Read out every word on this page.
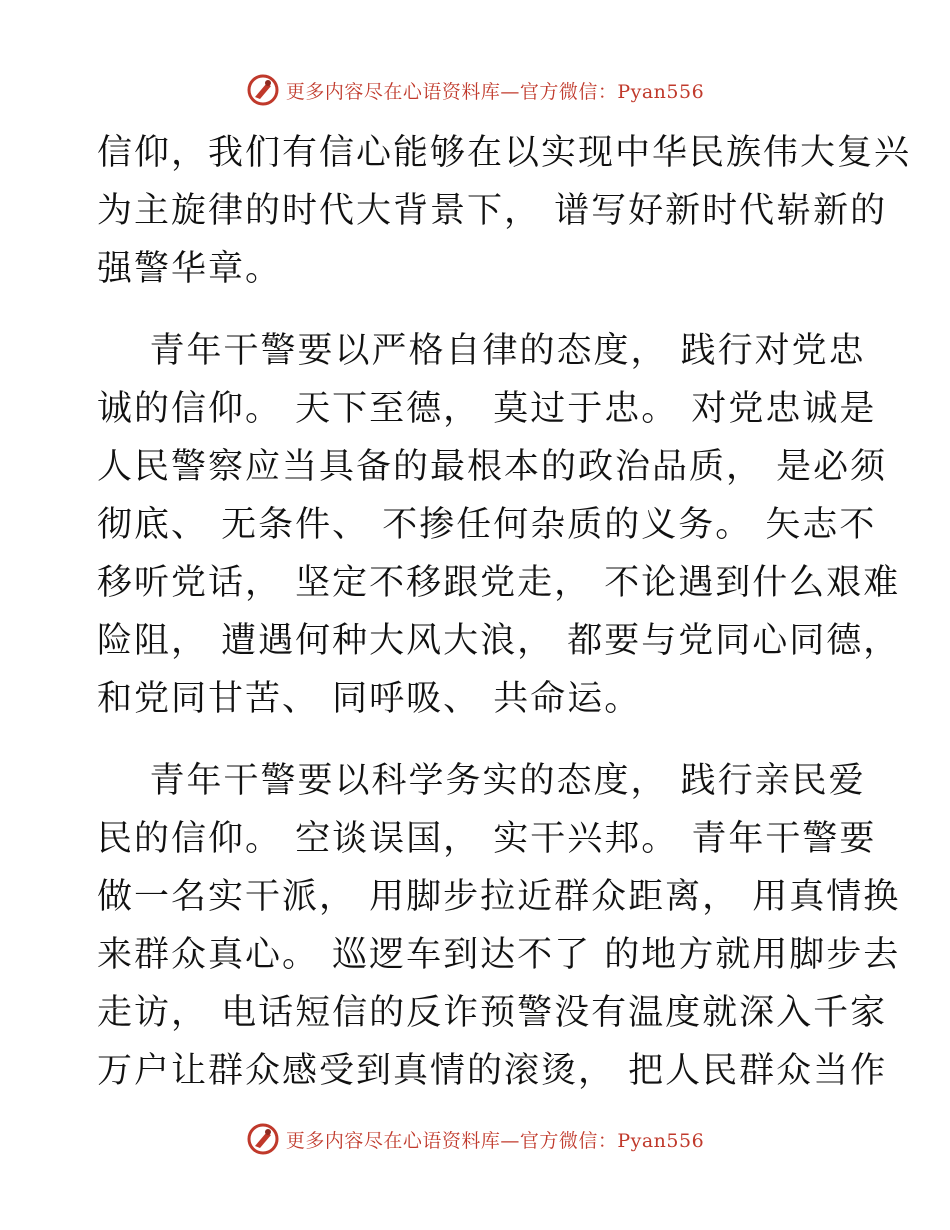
更多内容尽在心语资料库—官方微信：Pyan556
信仰，我们有信心能够在以实现中华民族伟大复兴
为主旋律的时代大背景下， 谱写好新时代崭新的
强警华章。
青年干警要以严格自律的态度， 践行对党忠
诚的信仰。 天下至德， 莫过于忠。 对党忠诚是
人民警察应当具备的最根本的政治品质， 是必须
彻底、 无条件、 不掺任何杂质的义务。 矢志不
移听党话， 坚定不移跟党走， 不论遇到什么艰难
险阻， 遭遇何种大风大浪， 都要与党同心同德，
和党同甘苦、 同呼吸、 共命运。
青年干警要以科学务实的态度， 践行亲民爱
民的信仰。 空谈误国， 实干兴邦。 青年干警要
做一名实干派， 用脚步拉近群众距离， 用真情换
来群众真心。 巡逻车到达不了 的地方就用脚步去
走访， 电话短信的反诈预警没有温度就深入千家
万户让群众感受到真情的滚烫， 把人民群众当作
更多内容尽在心语资料库—官方微信：Pyan556
